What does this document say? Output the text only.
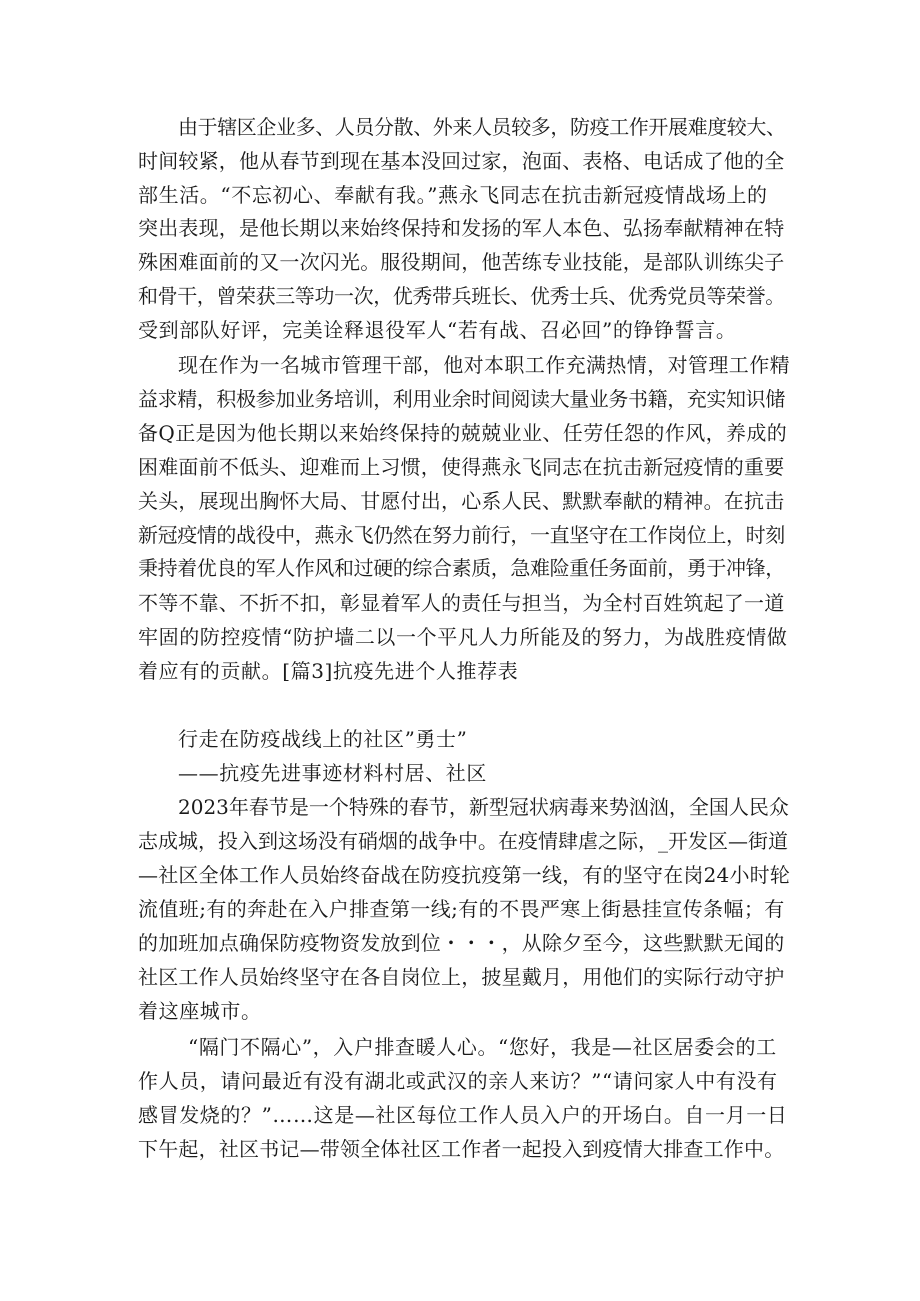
由于辖区企业多、人员分散、外来人员较多，防疫工作开展难度较大、
时间较紧，他从春节到现在基本没回过家，泡面、表格、电话成了他的全
部生活。“不忘初心、奉献有我。”燕永飞同志在抗击新冠疫情战场上的
突出表现，是他长期以来始终保持和发扬的军人本色、弘扬奉献精神在特
殊困难面前的又一次闪光。服役期间，他苦练专业技能，是部队训练尖子
和骨干，曾荣获三等功一次，优秀带兵班长、优秀士兵、优秀党员等荣誉。
受到部队好评，完美诠释退役军人“若有战、召必回”的铮铮誓言。
现在作为一名城市管理干部，他对本职工作充满热情，对管理工作精
益求精，积极参加业务培训，利用业余时间阅读大量业务书籍，充实知识储
备Q正是因为他长期以来始终保持的兢兢业业、任劳任怨的作风，养成的
困难面前不低头、迎难而上习惯，使得燕永飞同志在抗击新冠疫情的重要
关头，展现出胸怀大局、甘愿付出，心系人民、默默奉献的精神。在抗击
新冠疫情的战役中，燕永飞仍然在努力前行，一直坚守在工作岗位上，时刻
秉持着优良的军人作风和过硬的综合素质，急难险重任务面前，勇于冲锋，
不等不靠、不折不扣，彰显着军人的责任与担当，为全村百姓筑起了一道
牢固的防控疫情“防护墙二以一个平凡人力所能及的努力，为战胜疫情做
着应有的贡献。[篇3]抗疫先进个人推荐表
行走在防疫战线上的社区”勇士”
——抗疫先进事迹材料村居、社区
2023年春节是一个特殊的春节，新型冠状病毒来势汹汹，全国人民众
志成城，投入到这场没有硝烟的战争中。在疫情肆虐之际，_开发区—街道
—社区全体工作人员始终奋战在防疫抗疫第一线，有的坚守在岗24小时轮
流值班;有的奔赴在入户排查第一线;有的不畏严寒上街悬挂宣传条幅；有
的加班加点确保防疫物资发放到位・・・，从除夕至今，这些默默无闻的
社区工作人员始终坚守在各自岗位上，披星戴月，用他们的实际行动守护
着这座城市。
“隔门不隔心”，入户排查暖人心。“您好，我是—社区居委会的工
作人员，请问最近有没有湖北或武汉的亲人来访？”“请问家人中有没有
感冒发烧的？”……这是—社区每位工作人员入户的开场白。自一月一日
下午起，社区书记—带领全体社区工作者一起投入到疫情大排查工作中。
